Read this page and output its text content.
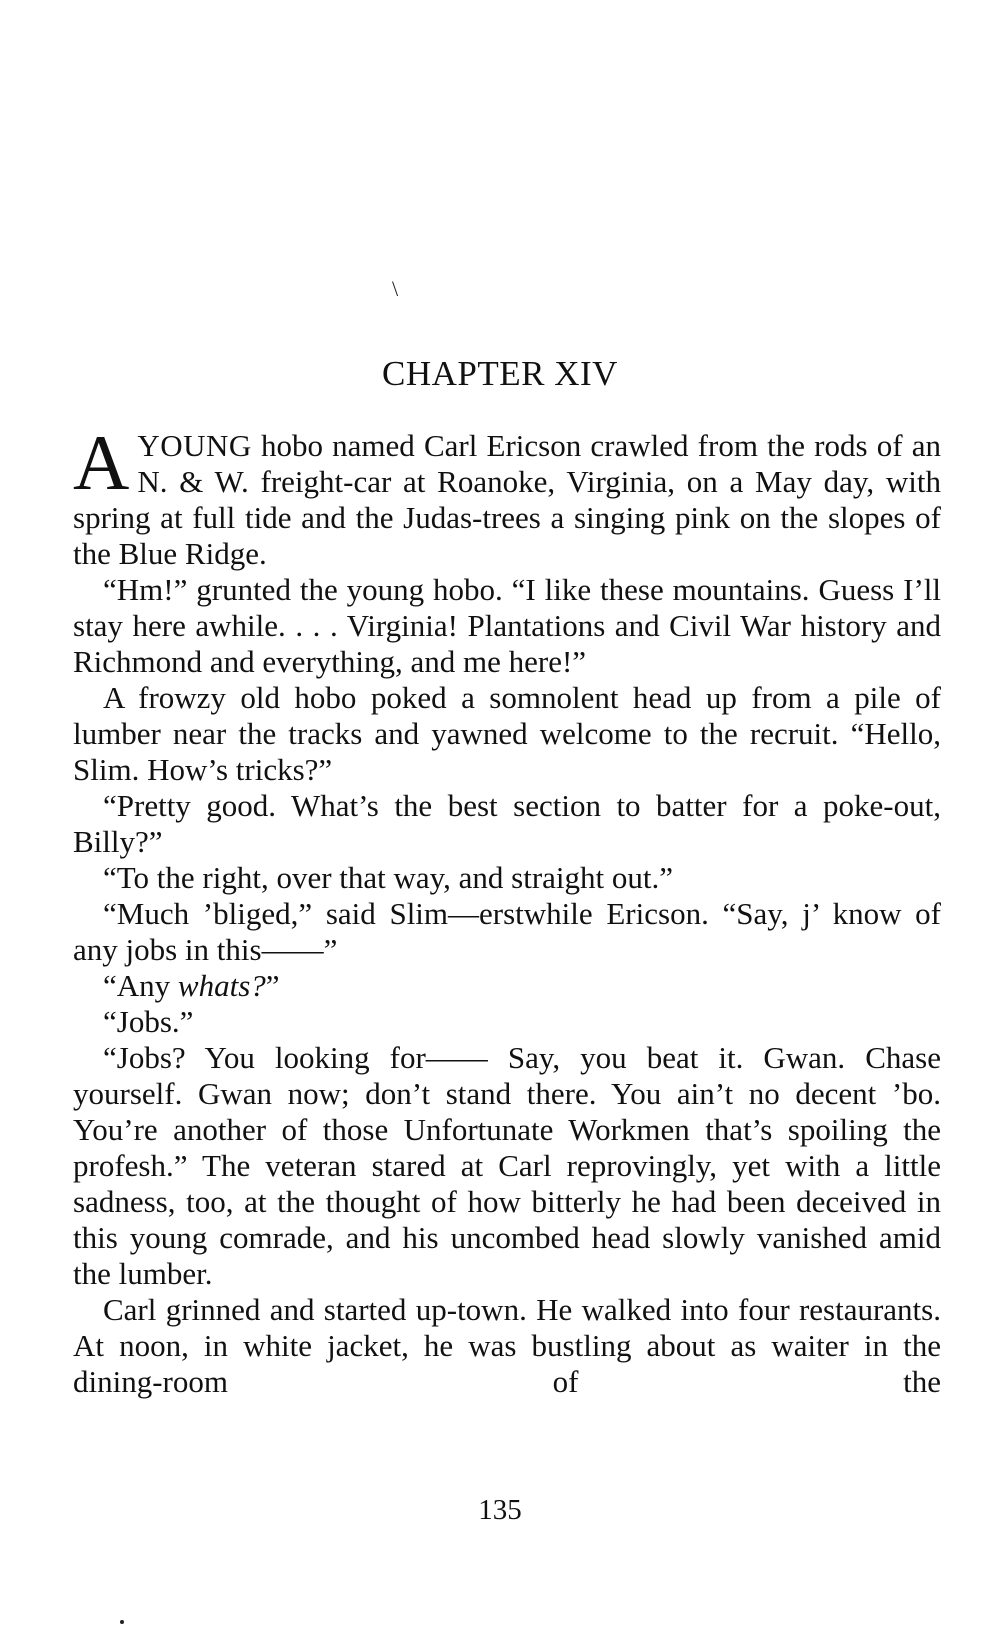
\
CHAPTER XIV

AYOUNG hobo named Carl Ericson crawled from the rods of an N. & W. freight-car at Roanoke, Virginia, on a May day, with spring at full tide and the Judas-trees a singing pink on the slopes of the Blue Ridge.

“Hm!” grunted the young hobo. “I like these mountains. Guess I’ll stay here awhile. . . . Virginia! Plantations and Civil War history and Richmond and everything, and me here!”

A frowzy old hobo poked a somnolent head up from a pile of lumber near the tracks and yawned welcome to the recruit. “Hello, Slim. How’s tricks?”

“Pretty good. What’s the best section to batter for a poke-out, Billy?”

“To the right, over that way, and straight out.”

“Much ’bliged,” said Slim—erstwhile Ericson. “Say, j’ know of any jobs in this——”

“Any whats?”

“Jobs.”

“Jobs? You looking for—— Say, you beat it. Gwan. Chase yourself. Gwan now; don’t stand there. You ain’t no decent ’bo. You’re another of those Unfortunate Workmen that’s spoiling the profesh.” The veteran stared at Carl reprovingly, yet with a little sadness, too, at the thought of how bitterly he had been deceived in this young comrade, and his uncombed head slowly vanished amid the lumber.

Carl grinned and started up-town. He walked into four restaurants. At noon, in white jacket, he was bustling about as waiter in the dining-room of the

135
